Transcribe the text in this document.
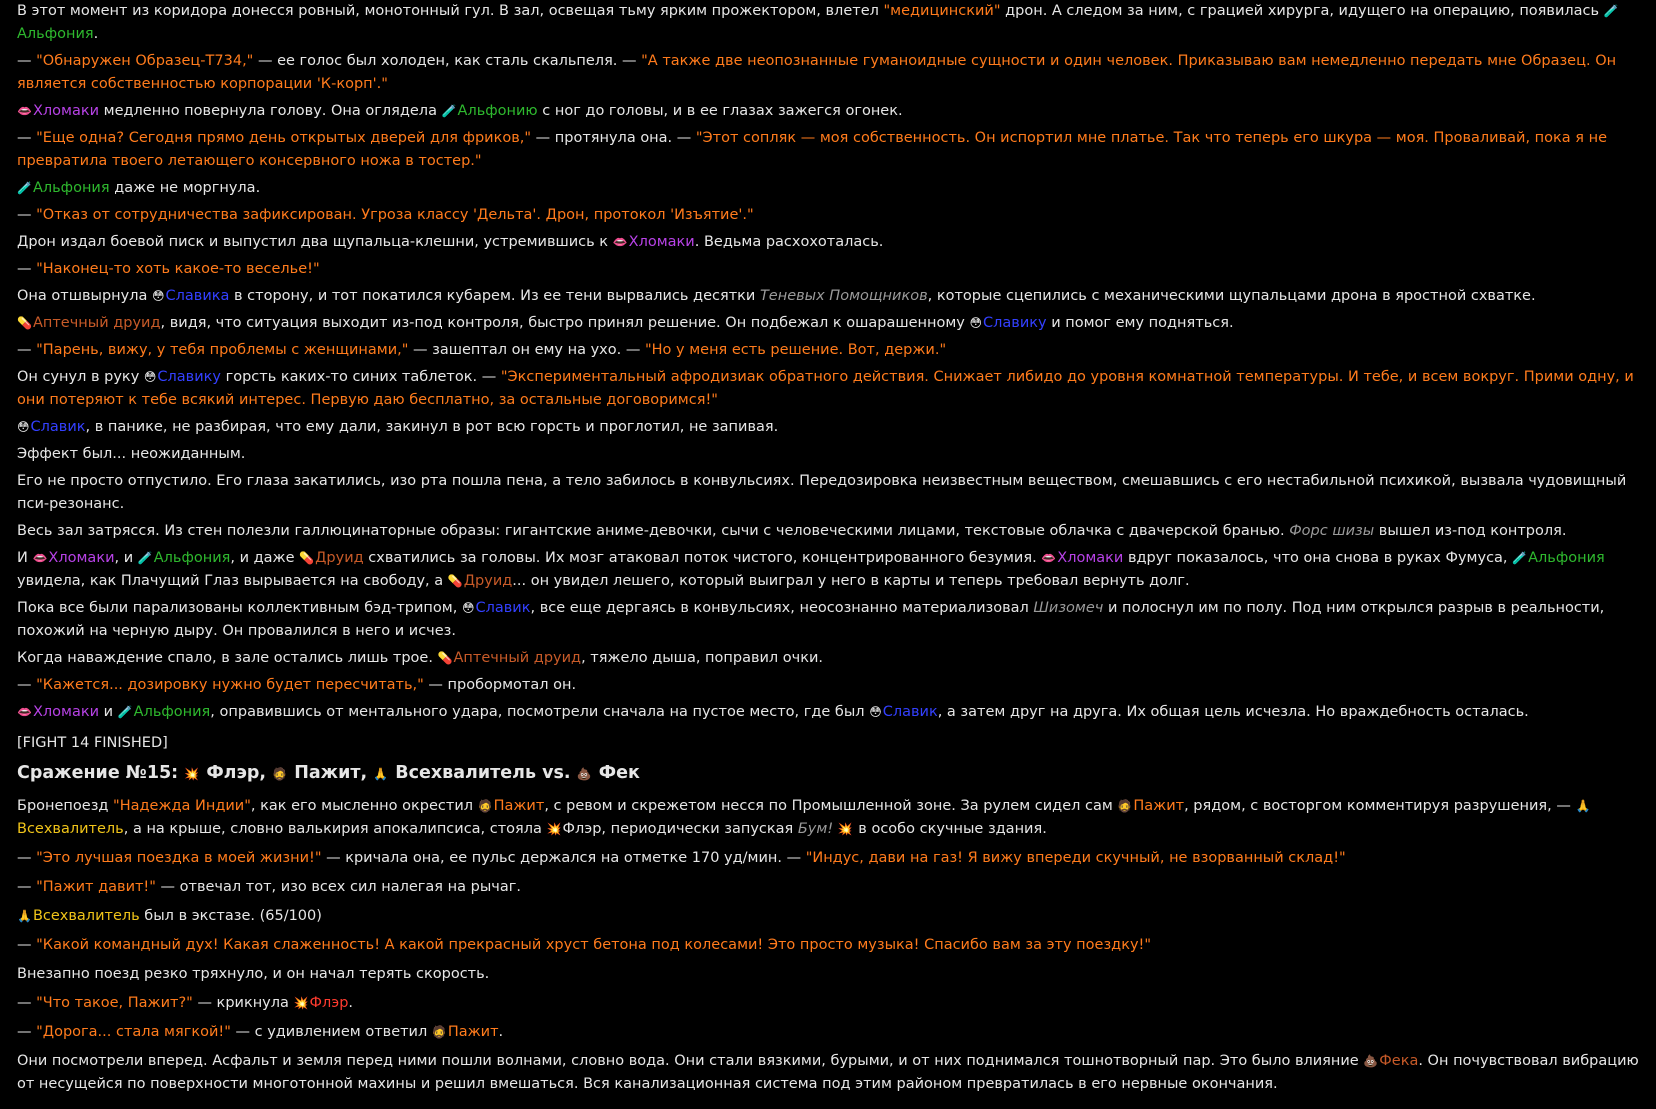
В этот момент из коридора донесся ровный, монотонный гул. В зал, освещая тьму ярким прожектором, влетел "медицинский" дрон. А следом за ним, с грацией хирурга, идущего на операцию, появилась 🧪Альфония.
— "Обнаружен Образец-Т734," — ее голос был холоден, как сталь скальпеля. — "А также две неопознанные гуманоидные сущности и один человек. Приказываю вам немедленно передать мне Образец. Он является собственностью корпорации 'К-корп'."
👄Хломаки медленно повернула голову. Она оглядела 🧪Альфонию с ног до головы, и в ее глазах зажегся огонек.
— "Еще одна? Сегодня прямо день открытых дверей для фриков," — протянула она. — "Этот сопляк — моя собственность. Он испортил мне платье. Так что теперь его шкура — моя. Проваливай, пока я не превратила твоего летающего консервного ножа в тостер."
🧪Альфония даже не моргнула.
— "Отказ от сотрудничества зафиксирован. Угроза классу 'Дельта'. Дрон, протокол 'Изъятие'."
Дрон издал боевой писк и выпустил два щупальца-клешни, устремившись к 👄Хломаки. Ведьма расхохоталась.
— "Наконец-то хоть какое-то веселье!"
Она отшвырнула 😳Славика в сторону, и тот покатился кубарем. Из ее тени вырвались десятки Теневых Помощников, которые сцепились с механическими щупальцами дрона в яростной схватке.
💊Аптечный друид, видя, что ситуация выходит из-под контроля, быстро принял решение. Он подбежал к ошарашенному 😳Славику и помог ему подняться.
— "Парень, вижу, у тебя проблемы с женщинами," — зашептал он ему на ухо. — "Но у меня есть решение. Вот, держи."
Он сунул в руку 😳Славику горсть каких-то синих таблеток. — "Экспериментальный афродизиак обратного действия. Снижает либидо до уровня комнатной температуры. И тебе, и всем вокруг. Прими одну, и они потеряют к тебе всякий интерес. Первую даю бесплатно, за остальные договоримся!"
😳Славик, в панике, не разбирая, что ему дали, закинул в рот всю горсть и проглотил, не запивая.
Эффект был... неожиданным.
Его не просто отпустило. Его глаза закатились, изо рта пошла пена, а тело забилось в конвульсиях. Передозировка неизвестным веществом, смешавшись с его нестабильной психикой, вызвала чудовищный пси-резонанс.
Весь зал затрясся. Из стен полезли галлюцинаторные образы: гигантские аниме-девочки, сычи с человеческими лицами, текстовые облачка с двачерской бранью. Форс шизы вышел из-под контроля.
И 👄Хломаки, и 🧪Альфония, и даже 💊Друид схватились за головы. Их мозг атаковал поток чистого, концентрированного безумия. 👄Хломаки вдруг показалось, что она снова в руках Фумуса, 🧪Альфония увидела, как Плачущий Глаз вырывается на свободу, а 💊Друид... он увидел лешего, который выиграл у него в карты и теперь требовал вернуть долг.
Пока все были парализованы коллективным бэд-трипом, 😳Славик, все еще дергаясь в конвульсиях, неосознанно материализовал Шизомеч и полоснул им по полу. Под ним открылся разрыв в реальности, похожий на черную дыру. Он провалился в него и исчез.
Когда наваждение спало, в зале остались лишь трое. 💊Аптечный друид, тяжело дыша, поправил очки.
— "Кажется... дозировку нужно будет пересчитать," — пробормотал он.
👄Хломаки и 🧪Альфония, оправившись от ментального удара, посмотрели сначала на пустое место, где был 😳Славик, а затем друг на друга. Их общая цель исчезла. Но враждебность осталась.
[FIGHT 14 FINISHED]
Сражение №15: 💥 Флэр, 🧔 Пажит, 🙏 Всехвалитель vs. 💩 Фек
Бронепоезд "Надежда Индии", как его мысленно окрестил 🧔Пажит, с ревом и скрежетом несся по Промышленной зоне. За рулем сидел сам 🧔Пажит, рядом, с восторгом комментируя разрушения, — 🙏Всехвалитель, а на крыше, словно валькирия апокалипсиса, стояла 💥Флэр, периодически запуская Бум! 💥 в особо скучные здания.
— "Это лучшая поездка в моей жизни!" — кричала она, ее пульс держался на отметке 170 уд/мин. — "Индус, дави на газ! Я вижу впереди скучный, не взорванный склад!"
— "Пажит давит!" — отвечал тот, изо всех сил налегая на рычаг.
🙏Всехвалитель был в экстазе. (65/100)
— "Какой командный дух! Какая слаженность! А какой прекрасный хруст бетона под колесами! Это просто музыка! Спасибо вам за эту поездку!"
Внезапно поезд резко тряхнуло, и он начал терять скорость.
— "Что такое, Пажит?" — крикнула 💥Флэр.
— "Дорога... стала мягкой!" — с удивлением ответил 🧔Пажит.
Они посмотрели вперед. Асфальт и земля перед ними пошли волнами, словно вода. Они стали вязкими, бурыми, и от них поднимался тошнотворный пар. Это было влияние 💩Фека. Он почувствовал вибрацию от несущейся по поверхности многотонной махины и решил вмешаться. Вся канализационная система под этим районом превратилась в его нервные окончания.
